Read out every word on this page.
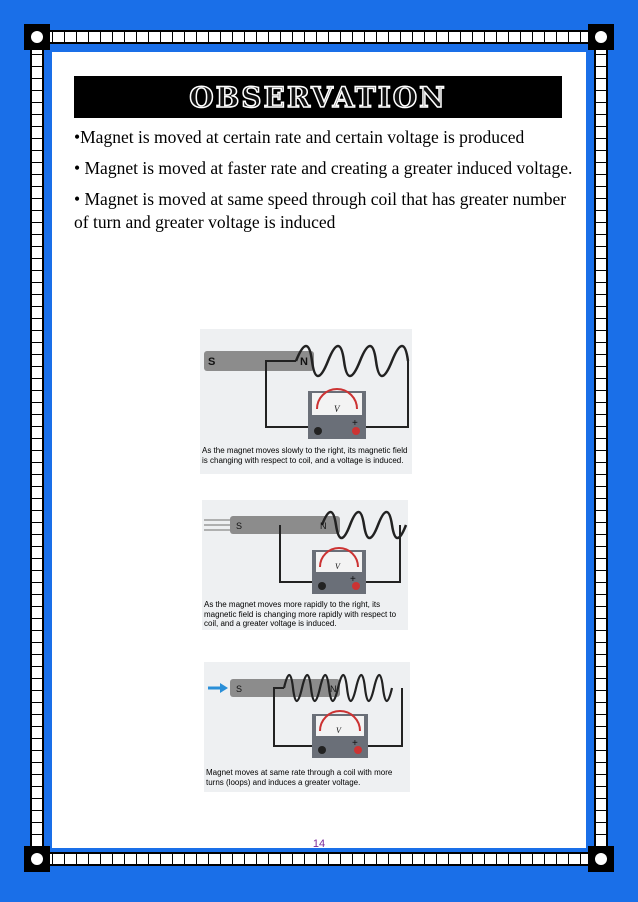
OBSERVATION

•Magnet is moved at certain rate and certain voltage is produced

• Magnet is moved at faster rate and creating a greater induced voltage.

• Magnet is moved at same speed through coil that has greater number of turn and greater voltage is induced

S	N
V
+
As the magnet moves slowly to the right, its magnetic field is changing with respect to coil, and a voltage is induced.
S	N
V
+
As the magnet moves more rapidly to the right, its magnetic field is changing more rapidly with respect to coil, and a greater voltage is induced.
S	N
V
+
Magnet moves at same rate through a coil with more turns (loops) and induces a greater voltage.
14
